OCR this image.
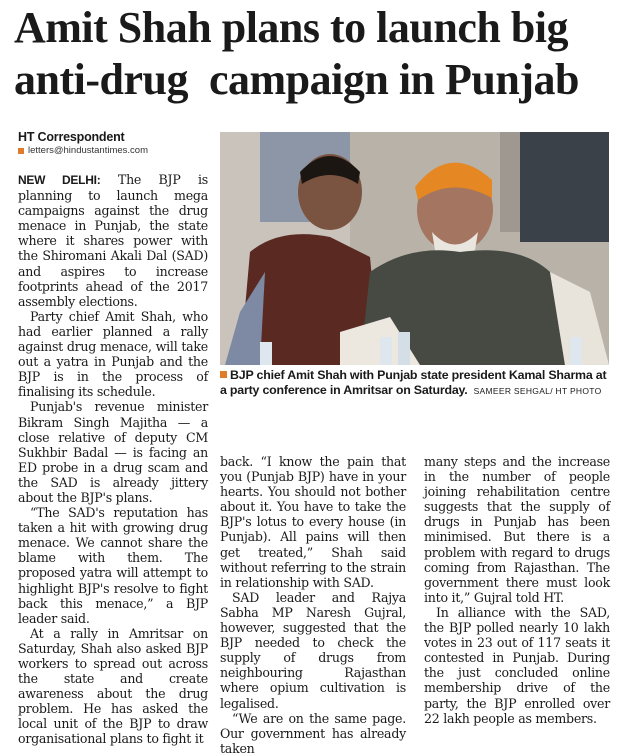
Amit Shah plans to launch big
anti-drug  campaign in Punjab
HT Correspondent
letters@hindustantimes.com

NEW DELHI: The BJP is planning to launch mega campaigns against the drug menace in Punjab, the state where it shares power with the Shiromani Akali Dal (SAD) and aspires to increase footprints ahead of the 2017 assembly elections.

Party chief Amit Shah, who had earlier planned a rally against drug menace, will take out a yatra in Punjab and the BJP is in the process of finalising its schedule.

Punjab's revenue minister Bikram Singh Majitha — a close relative of deputy CM Sukhbir Badal — is facing an ED probe in a drug scam and the SAD is already jittery about the BJP's plans.

“The SAD's reputation has taken a hit with growing drug menace. We cannot share the blame with them. The proposed yatra will attempt to highlight BJP's resolve to fight back this menace,” a BJP leader said.

At a rally in Amritsar on Saturday, Shah also asked BJP workers to spread out across the state and create awareness about the drug problem. He has asked the local unit of the BJP to draw organisational plans to fight it

BJP chief Amit Shah with Punjab state president Kamal Sharma at a party conference in Amritsar on Saturday. SAMEER SEHGAL/ HT PHOTO

back. “I know the pain that you (Punjab BJP) have in your hearts. You should not bother about it. You have to take the BJP's lotus to every house (in Punjab). All pains will then get treated,” Shah said without referring to the strain in relationship with SAD.

SAD leader and Rajya Sabha MP Naresh Gujral, however, suggested that the BJP needed to check the supply of drugs from neighbouring Rajasthan where opium cultivation is legalised.

“We are on the same page. Our government has already taken

many steps and the increase in the number of people joining rehabilitation centre suggests that the supply of drugs in Punjab has been minimised. But there is a problem with regard to drugs coming from Rajasthan. The government there must look into it,” Gujral told HT.

In alliance with the SAD, the BJP polled nearly 10 lakh votes in 23 out of 117 seats it contested in Punjab. During the just concluded online membership drive of the party, the BJP enrolled over 22 lakh people as members.
